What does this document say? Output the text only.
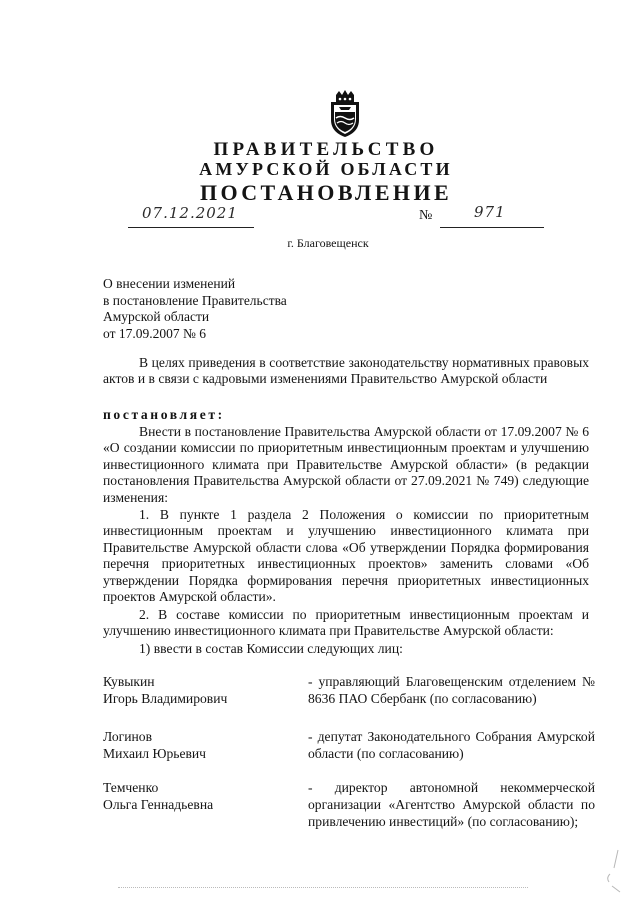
ПРАВИТЕЛЬСТВО
АМУРСКОЙ ОБЛАСТИ
ПОСТАНОВЛЕНИЕ
07.12.2021	№	971
г. Благовещенск
О внесении изменений
в постановление Правительства
Амурской области
от 17.09.2007 № 6
В целях приведения в соответствие законодательству нормативных правовых актов и в связи с кадровыми изменениями Правительство Амурской области
постановляет:
Внести в постановление Правительства Амурской области от 17.09.2007 № 6 «О создании комиссии по приоритетным инвестиционным проектам и улучшению инвестиционного климата при Правительстве Амурской области» (в редакции постановления Правительства Амурской области от 27.09.2021 № 749) следующие изменения:
1. В пункте 1 раздела 2 Положения о комиссии по приоритетным инвестиционным проектам и улучшению инвестиционного климата при Правительстве Амурской области слова «Об утверждении Порядка формирования перечня приоритетных инвестиционных проектов» заменить словами «Об утверждении Порядка формирования перечня приоритетных инвестиционных проектов Амурской области».
2. В составе комиссии по приоритетным инвестиционным проектам и улучшению инвестиционного климата при Правительстве Амурской области:
1) ввести в состав Комиссии следующих лиц:
Кувыкин
Игорь Владимирович
- управляющий Благовещенским отделением № 8636 ПАО Сбербанк (по согласованию)
Логинов
Михаил Юрьевич
- депутат Законодательного Собрания Амурской области (по согласованию)
Темченко
Ольга Геннадьевна
- директор автономной некоммерческой организации «Агентство Амурской области по привлечению инвестиций» (по согласованию);
